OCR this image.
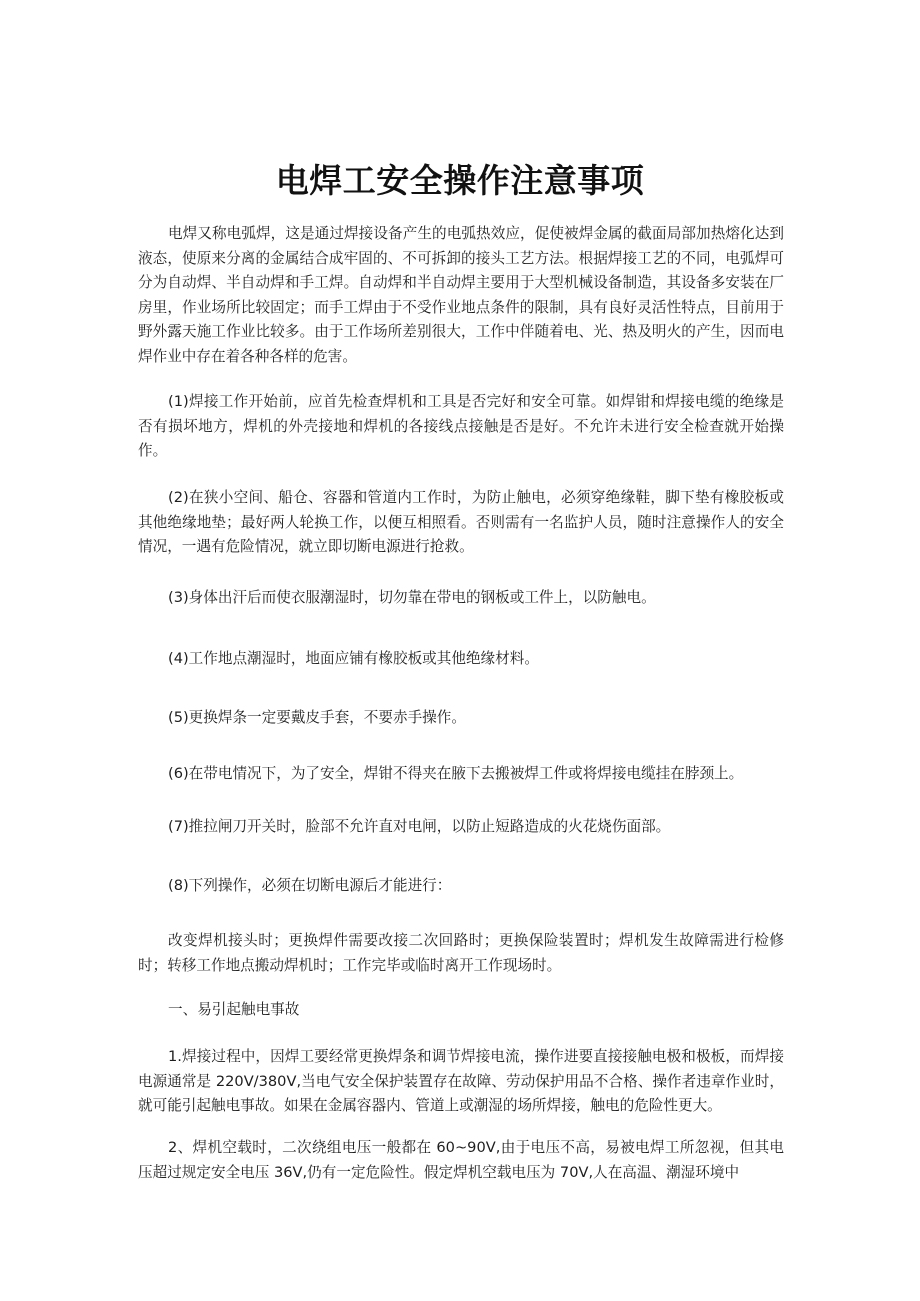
电焊工安全操作注意事项

电焊又称电弧焊，这是通过焊接设备产生的电弧热效应，促使被焊金属的截面局部加热熔化达到液态，使原来分离的金属结合成牢固的、不可拆卸的接头工艺方法。根据焊接工艺的不同，电弧焊可分为自动焊、半自动焊和手工焊。自动焊和半自动焊主要用于大型机械设备制造，其设备多安装在厂房里，作业场所比较固定；而手工焊由于不受作业地点条件的限制，具有良好灵活性特点，目前用于野外露天施工作业比较多。由于工作场所差别很大，工作中伴随着电、光、热及明火的产生，因而电焊作业中存在着各种各样的危害。

(1)焊接工作开始前，应首先检查焊机和工具是否完好和安全可靠。如焊钳和焊接电缆的绝缘是否有损坏地方，焊机的外壳接地和焊机的各接线点接触是否是好。不允许未进行安全检查就开始操作。

(2)在狭小空间、船仓、容器和管道内工作时，为防止触电，必须穿绝缘鞋，脚下垫有橡胶板或其他绝缘地垫；最好两人轮换工作，以便互相照看。否则需有一名监护人员，随时注意操作人的安全情况，一遇有危险情况，就立即切断电源进行抢救。

(3)身体出汗后而使衣服潮湿时，切勿靠在带电的钢板或工件上，以防触电。

(4)工作地点潮湿时，地面应铺有橡胶板或其他绝缘材料。

(5)更换焊条一定要戴皮手套，不要赤手操作。

(6)在带电情况下，为了安全，焊钳不得夹在腋下去搬被焊工件或将焊接电缆挂在脖颈上。

(7)推拉闸刀开关时，脸部不允许直对电闸，以防止短路造成的火花烧伤面部。

(8)下列操作，必须在切断电源后才能进行：

改变焊机接头时；更换焊件需要改接二次回路时；更换保险装置时；焊机发生故障需进行检修时；转移工作地点搬动焊机时；工作完毕或临时离开工作现场时。

一、易引起触电事故

1.焊接过程中，因焊工要经常更换焊条和调节焊接电流，操作进要直接接触电极和极板，而焊接电源通常是 220V/380V,当电气安全保护装置存在故障、劳动保护用品不合格、操作者违章作业时，就可能引起触电事故。如果在金属容器内、管道上或潮湿的场所焊接，触电的危险性更大。

2、焊机空载时，二次绕组电压一般都在 60~90V,由于电压不高，易被电焊工所忽视，但其电压超过规定安全电压 36V,仍有一定危险性。假定焊机空载电压为 70V,人在高温、潮湿环境中
